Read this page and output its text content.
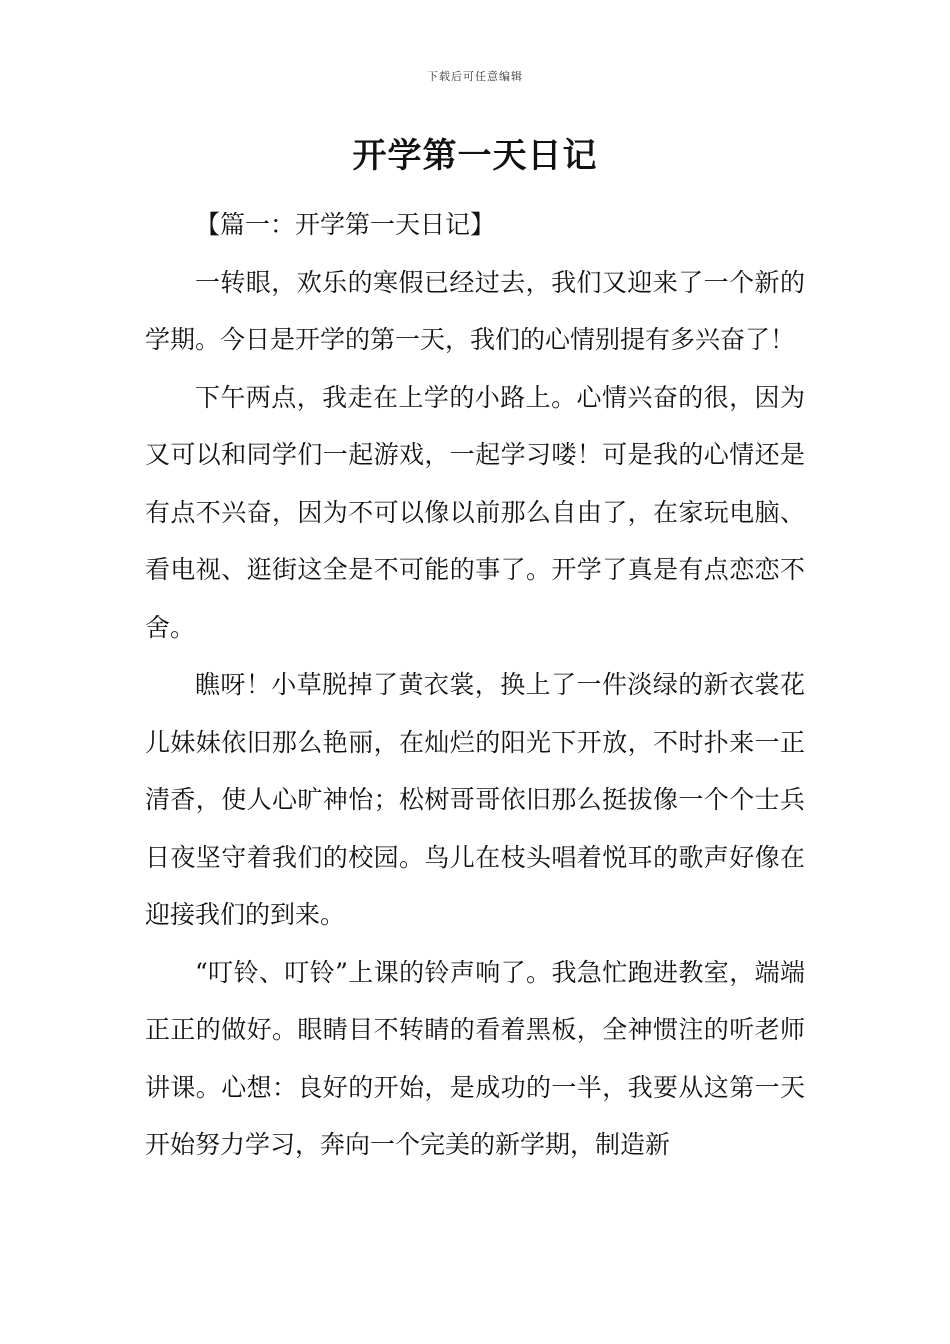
下载后可任意编辑
开学第一天日记

【篇一：开学第一天日记】

一转眼，欢乐的寒假已经过去，我们又迎来了一个新的学期。今日是开学的第一天，我们的心情别提有多兴奋了！

下午两点，我走在上学的小路上。心情兴奋的很，因为又可以和同学们一起游戏，一起学习喽！可是我的心情还是有点不兴奋，因为不可以像以前那么自由了，在家玩电脑、看电视、逛街这全是不可能的事了。开学了真是有点恋恋不舍。

瞧呀！小草脱掉了黄衣裳，换上了一件淡绿的新衣裳花儿妹妹依旧那么艳丽，在灿烂的阳光下开放，不时扑来一正清香，使人心旷神怡；松树哥哥依旧那么挺拔像一个个士兵日夜坚守着我们的校园。鸟儿在枝头唱着悦耳的歌声好像在迎接我们的到来。

“叮铃、叮铃”上课的铃声响了。我急忙跑进教室，端端正正的做好。眼睛目不转睛的看着黑板，全神惯注的听老师讲课。心想：良好的开始，是成功的一半，我要从这第一天开始努力学习，奔向一个完美的新学期，制造新
